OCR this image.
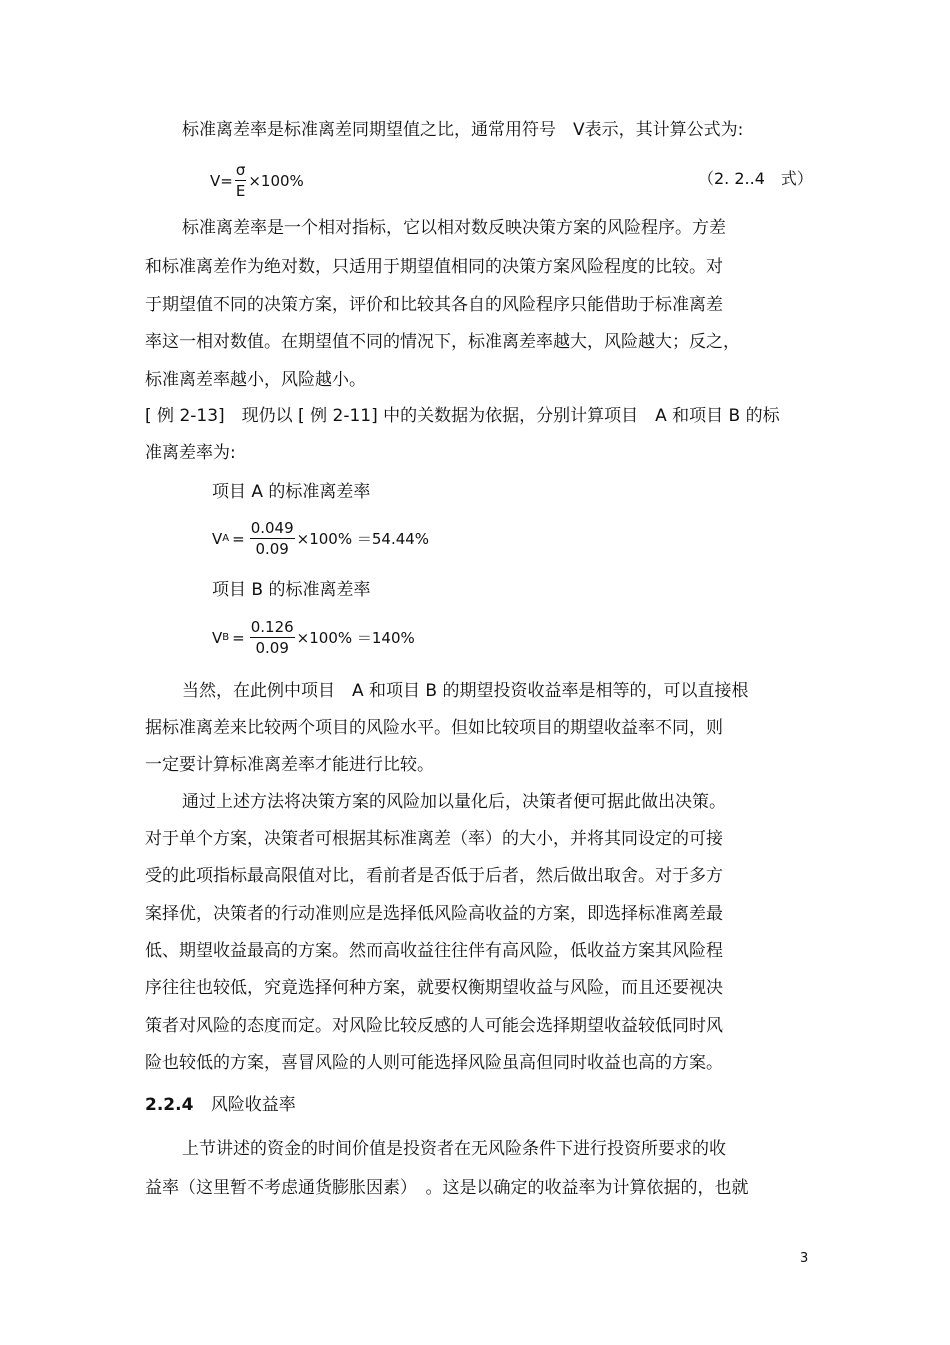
标准离差率是标准离差同期望值之比，通常用符号　V表示，其计算公式为:
$V= \frac{\sigma}{E} \times 100\%$	（2. 2..4　式）
标准离差率是一个相对指标，它以相对数反映决策方案的风险程序。方差
和标准离差作为绝对数，只适用于期望值相同的决策方案风险程度的比较。对
于期望值不同的决策方案，评价和比较其各自的风险程序只能借助于标准离差
率这一相对数值。在期望值不同的情况下，标准离差率越大，风险越大；反之，
标准离差率越小，风险越小。
[ 例 2-13]　现仍以 [ 例 2-11] 中的关数据为依据，分别计算项目　A 和项目 B 的标
准离差率为:
项目 A 的标准离差率
V $A = \frac{0.049}{0.09} \times 100\% =54.44\%$
项目 B 的标准离差率
V $B = \frac{0.126}{0.09} \times 100\% =140\%$
当然，在此例中项目　A 和项目 B 的期望投资收益率是相等的，可以直接根
据标准离差来比较两个项目的风险水平。但如比较项目的期望收益率不同，则
一定要计算标准离差率才能进行比较。
通过上述方法将决策方案的风险加以量化后，决策者便可据此做出决策。
对于单个方案，决策者可根据其标准离差（率）的大小，并将其同设定的可接
受的此项指标最高限值对比，看前者是否低于后者，然后做出取舍。对于多方
案择优，决策者的行动准则应是选择低风险高收益的方案，即选择标准离差最
低、期望收益最高的方案。然而高收益往往伴有高风险，低收益方案其风险程
序往往也较低，究竟选择何种方案，就要权衡期望收益与风险，而且还要视决
策者对风险的态度而定。对风险比较反感的人可能会选择期望收益较低同时风
险也较低的方案，喜冒风险的人则可能选择风险虽高但同时收益也高的方案。
2.2.4 风险收益率
上节讲述的资金的时间价值是投资者在无风险条件下进行投资所要求的收
益率（这里暂不考虑通货膨胀因素）　。这是以确定的收益率为计算依据的，也就
3
